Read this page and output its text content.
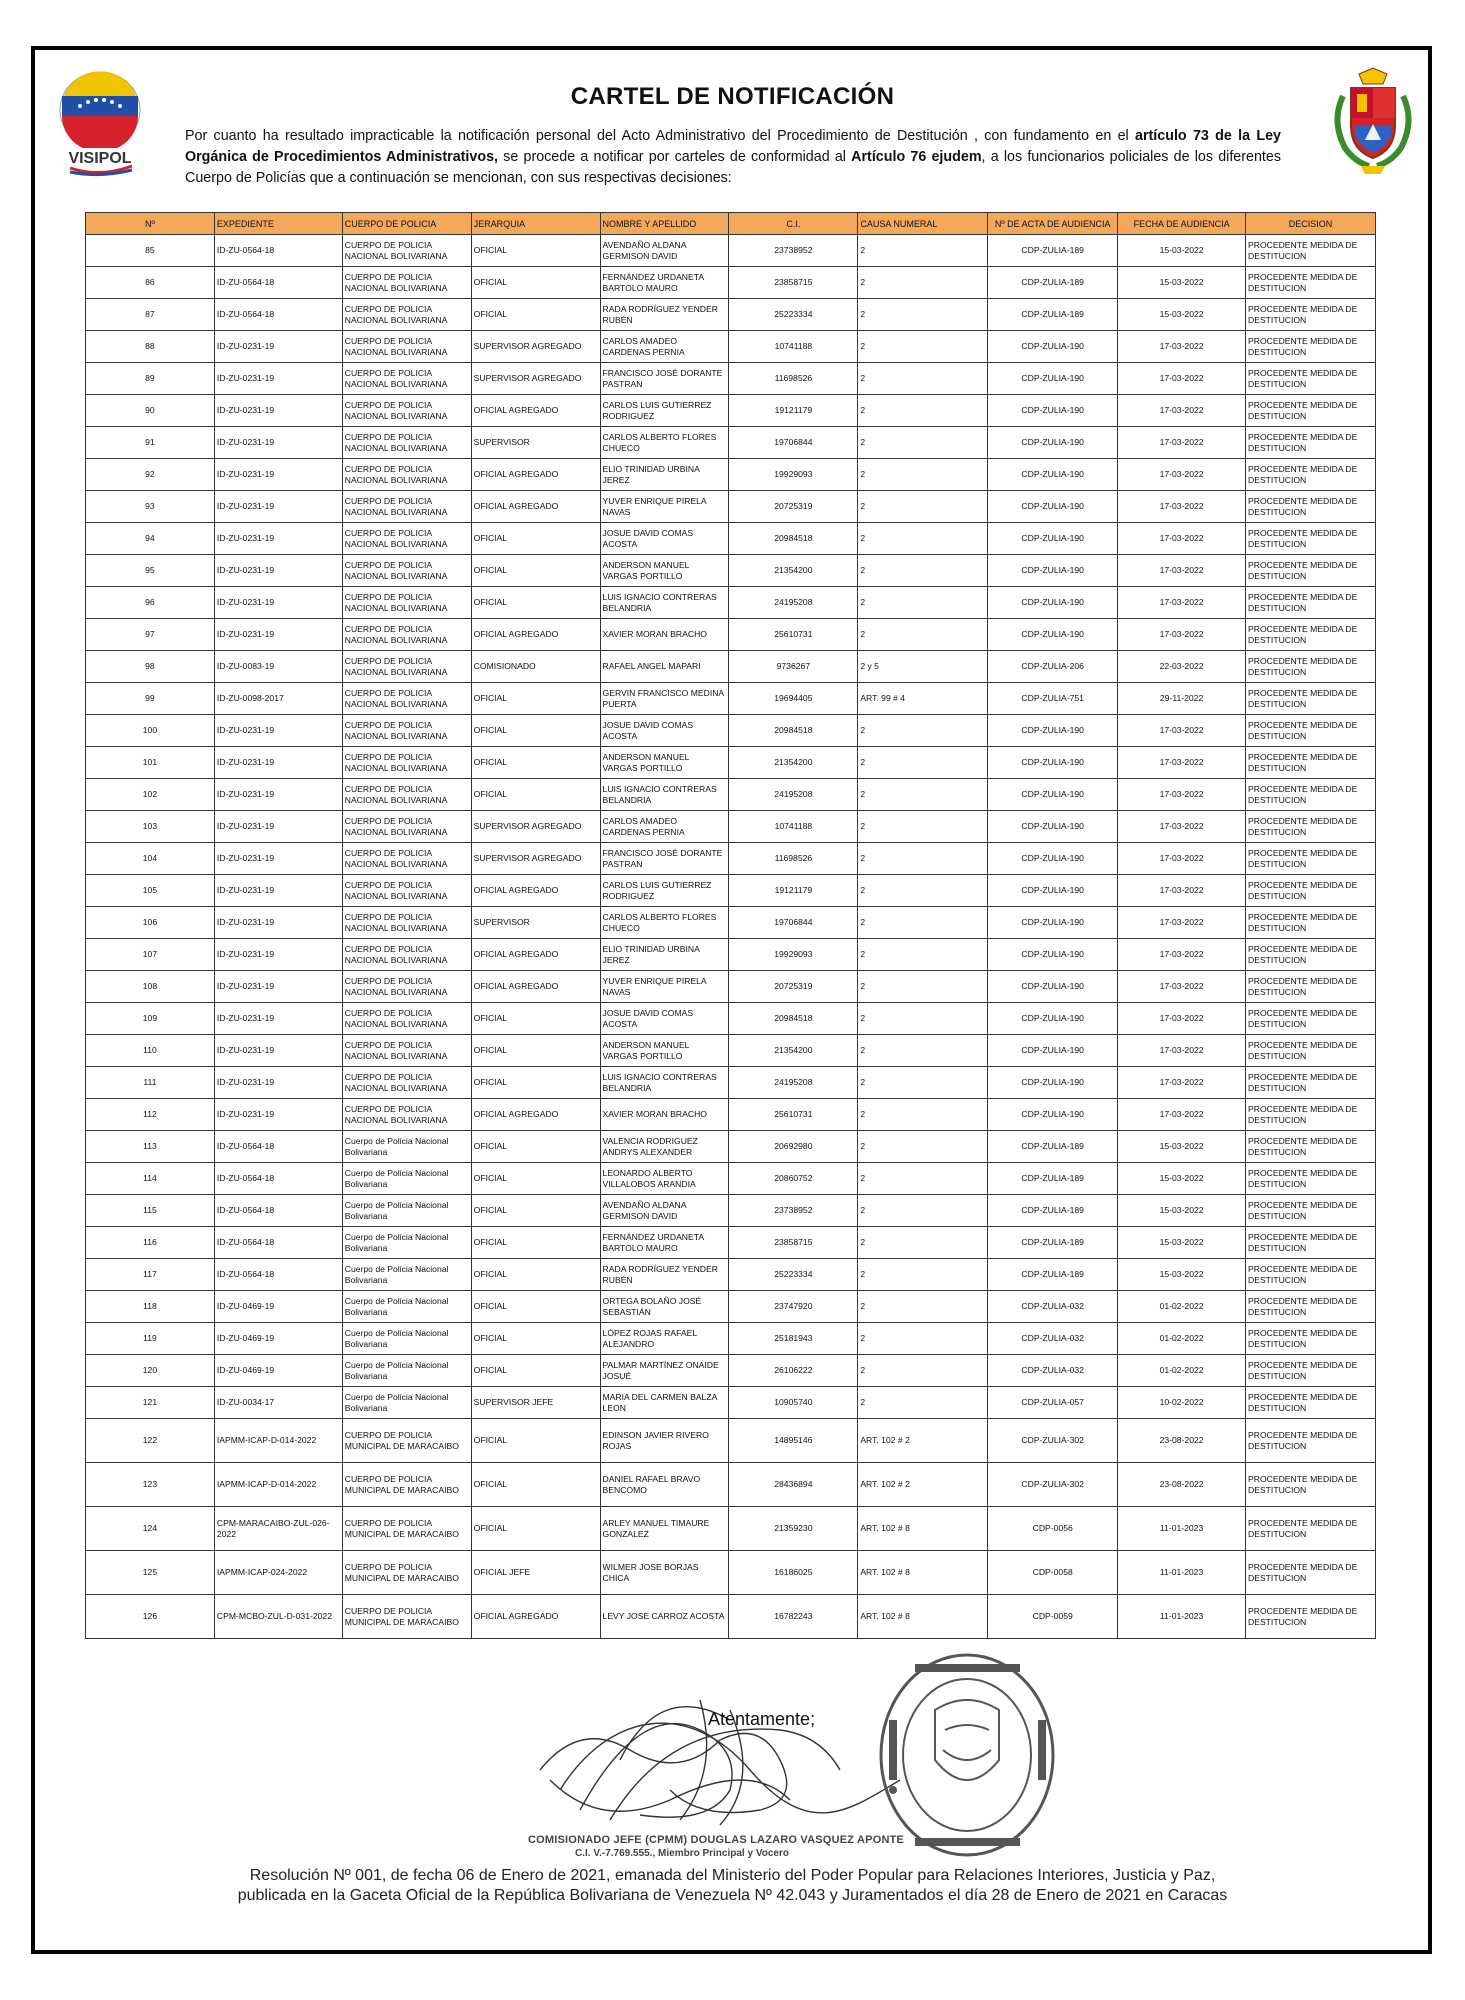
VISIPOL
CARTEL DE NOTIFICACIÓN
Por cuanto ha resultado impracticable la notificación personal del Acto Administrativo del Procedimiento de Destitución , con fundamento en el artículo 73 de la Ley Orgánica de Procedimientos Administrativos, se procede a notificar por carteles de conformidad al Artículo 76 ejudem, a los funcionarios policiales de los diferentes Cuerpo de Policías que a continuación se mencionan, con sus respectivas decisiones:
Nº	EXPEDIENTE	CUERPO DE POLICIA	JERARQUIA	NOMBRE Y APELLIDO	C.I.	CAUSA NUMERAL	Nº DE ACTA DE AUDIENCIA	FECHA DE AUDIENCIA	DECISION
85	ID-ZU-0564-18	CUERPO DE POLICIA NACIONAL BOLIVARIANA	OFICIAL	AVENDAÑO ALDANA GERMISON DAVID	23738952	2	CDP-ZULIA-189	15-03-2022	PROCEDENTE MEDIDA DE DESTITUCION
86	ID-ZU-0564-18	CUERPO DE POLICIA NACIONAL BOLIVARIANA	OFICIAL	FERNÁNDEZ URDANETA BARTOLO MAURO	23858715	2	CDP-ZULIA-189	15-03-2022	PROCEDENTE MEDIDA DE DESTITUCION
87	ID-ZU-0564-18	CUERPO DE POLICIA NACIONAL BOLIVARIANA	OFICIAL	RADA RODRÍGUEZ YENDER RUBÉN	25223334	2	CDP-ZULIA-189	15-03-2022	PROCEDENTE MEDIDA DE DESTITUCION
88	ID-ZU-0231-19	CUERPO DE POLICIA NACIONAL BOLIVARIANA	SUPERVISOR AGREGADO	CARLOS AMADEO CARDENAS PERNIA	10741188	2	CDP-ZULIA-190	17-03-2022	PROCEDENTE MEDIDA DE DESTITUCION
89	ID-ZU-0231-19	CUERPO DE POLICIA NACIONAL BOLIVARIANA	SUPERVISOR AGREGADO	FRANCISCO JOSÉ DORANTE PASTRAN	11698526	2	CDP-ZULIA-190	17-03-2022	PROCEDENTE MEDIDA DE DESTITUCION
90	ID-ZU-0231-19	CUERPO DE POLICIA NACIONAL BOLIVARIANA	OFICIAL AGREGADO	CARLOS LUIS GUTIERREZ RODRIGUEZ	19121179	2	CDP-ZULIA-190	17-03-2022	PROCEDENTE MEDIDA DE DESTITUCION
91	ID-ZU-0231-19	CUERPO DE POLICIA NACIONAL BOLIVARIANA	SUPERVISOR	CARLOS ALBERTO FLORES CHUECO	19706844	2	CDP-ZULIA-190	17-03-2022	PROCEDENTE MEDIDA DE DESTITUCION
92	ID-ZU-0231-19	CUERPO DE POLICIA NACIONAL BOLIVARIANA	OFICIAL AGREGADO	ELIO TRINIDAD URBINA JEREZ	19929093	2	CDP-ZULIA-190	17-03-2022	PROCEDENTE MEDIDA DE DESTITUCION
93	ID-ZU-0231-19	CUERPO DE POLICIA NACIONAL BOLIVARIANA	OFICIAL AGREGADO	YUVER ENRIQUE PIRELA NAVAS	20725319	2	CDP-ZULIA-190	17-03-2022	PROCEDENTE MEDIDA DE DESTITUCION
94	ID-ZU-0231-19	CUERPO DE POLICIA NACIONAL BOLIVARIANA	OFICIAL	JOSUE DAVID COMAS ACOSTA	20984518	2	CDP-ZULIA-190	17-03-2022	PROCEDENTE MEDIDA DE DESTITUCION
95	ID-ZU-0231-19	CUERPO DE POLICIA NACIONAL BOLIVARIANA	OFICIAL	ANDERSON MANUEL VARGAS PORTILLO	21354200	2	CDP-ZULIA-190	17-03-2022	PROCEDENTE MEDIDA DE DESTITUCION
96	ID-ZU-0231-19	CUERPO DE POLICIA NACIONAL BOLIVARIANA	OFICIAL	LUIS IGNACIO CONTRERAS BELANDRIA	24195208	2	CDP-ZULIA-190	17-03-2022	PROCEDENTE MEDIDA DE DESTITUCION
97	ID-ZU-0231-19	CUERPO DE POLICIA NACIONAL BOLIVARIANA	OFICIAL AGREGADO	XAVIER MORAN BRACHO	25610731	2	CDP-ZULIA-190	17-03-2022	PROCEDENTE MEDIDA DE DESTITUCION
98	ID-ZU-0083-19	CUERPO DE POLICIA NACIONAL BOLIVARIANA	COMISIONADO	RAFAEL ANGEL MAPARI	9736267	2 y 5	CDP-ZULIA-206	22-03-2022	PROCEDENTE MEDIDA DE DESTITUCION
99	ID-ZU-0098-2017	CUERPO DE POLICIA NACIONAL BOLIVARIANA	OFICIAL	GERVIN FRANCISCO MEDINA PUERTA	19694405	ART. 99 # 4	CDP-ZULIA-751	29-11-2022	PROCEDENTE MEDIDA DE DESTITUCION
100	ID-ZU-0231-19	CUERPO DE POLICIA NACIONAL BOLIVARIANA	OFICIAL	JOSUE DAVID COMAS ACOSTA	20984518	2	CDP-ZULIA-190	17-03-2022	PROCEDENTE MEDIDA DE DESTITUCION
101	ID-ZU-0231-19	CUERPO DE POLICIA NACIONAL BOLIVARIANA	OFICIAL	ANDERSON MANUEL VARGAS PORTILLO	21354200	2	CDP-ZULIA-190	17-03-2022	PROCEDENTE MEDIDA DE DESTITUCION
102	ID-ZU-0231-19	CUERPO DE POLICIA NACIONAL BOLIVARIANA	OFICIAL	LUIS IGNACIO CONTRERAS BELANDRIA	24195208	2	CDP-ZULIA-190	17-03-2022	PROCEDENTE MEDIDA DE DESTITUCION
103	ID-ZU-0231-19	CUERPO DE POLICIA NACIONAL BOLIVARIANA	SUPERVISOR AGREGADO	CARLOS AMADEO CARDENAS PERNIA	10741188	2	CDP-ZULIA-190	17-03-2022	PROCEDENTE MEDIDA DE DESTITUCION
104	ID-ZU-0231-19	CUERPO DE POLICIA NACIONAL BOLIVARIANA	SUPERVISOR AGREGADO	FRANCISCO JOSÉ DORANTE PASTRAN	11698526	2	CDP-ZULIA-190	17-03-2022	PROCEDENTE MEDIDA DE DESTITUCION
105	ID-ZU-0231-19	CUERPO DE POLICIA NACIONAL BOLIVARIANA	OFICIAL AGREGADO	CARLOS LUIS GUTIERREZ RODRIGUEZ	19121179	2	CDP-ZULIA-190	17-03-2022	PROCEDENTE MEDIDA DE DESTITUCION
106	ID-ZU-0231-19	CUERPO DE POLICIA NACIONAL BOLIVARIANA	SUPERVISOR	CARLOS ALBERTO FLORES CHUECO	19706844	2	CDP-ZULIA-190	17-03-2022	PROCEDENTE MEDIDA DE DESTITUCION
107	ID-ZU-0231-19	CUERPO DE POLICIA NACIONAL BOLIVARIANA	OFICIAL AGREGADO	ELIO TRINIDAD URBINA JEREZ	19929093	2	CDP-ZULIA-190	17-03-2022	PROCEDENTE MEDIDA DE DESTITUCION
108	ID-ZU-0231-19	CUERPO DE POLICIA NACIONAL BOLIVARIANA	OFICIAL AGREGADO	YUVER ENRIQUE PIRELA NAVAS	20725319	2	CDP-ZULIA-190	17-03-2022	PROCEDENTE MEDIDA DE DESTITUCION
109	ID-ZU-0231-19	CUERPO DE POLICIA NACIONAL BOLIVARIANA	OFICIAL	JOSUE DAVID COMAS ACOSTA	20984518	2	CDP-ZULIA-190	17-03-2022	PROCEDENTE MEDIDA DE DESTITUCION
110	ID-ZU-0231-19	CUERPO DE POLICIA NACIONAL BOLIVARIANA	OFICIAL	ANDERSON MANUEL VARGAS PORTILLO	21354200	2	CDP-ZULIA-190	17-03-2022	PROCEDENTE MEDIDA DE DESTITUCION
111	ID-ZU-0231-19	CUERPO DE POLICIA NACIONAL BOLIVARIANA	OFICIAL	LUIS IGNACIO CONTRERAS BELANDRIA	24195208	2	CDP-ZULIA-190	17-03-2022	PROCEDENTE MEDIDA DE DESTITUCION
112	ID-ZU-0231-19	CUERPO DE POLICIA NACIONAL BOLIVARIANA	OFICIAL AGREGADO	XAVIER MORAN BRACHO	25610731	2	CDP-ZULIA-190	17-03-2022	PROCEDENTE MEDIDA DE DESTITUCION
113	ID-ZU-0564-18	Cuerpo de Policia Nacional Bolivariana	OFICIAL	VALENCIA RODRIGUEZ ANDRYS ALEXANDER	20692980	2	CDP-ZULIA-189	15-03-2022	PROCEDENTE MEDIDA DE DESTITUCION
114	ID-ZU-0564-18	Cuerpo de Policia Nacional Bolivariana	OFICIAL	LEONARDO ALBERTO VILLALOBOS ARANDIA	20860752	2	CDP-ZULIA-189	15-03-2022	PROCEDENTE MEDIDA DE DESTITUCION
115	ID-ZU-0564-18	Cuerpo de Policia Nacional Bolivariana	OFICIAL	AVENDAÑO ALDANA GERMISON DAVID	23738952	2	CDP-ZULIA-189	15-03-2022	PROCEDENTE MEDIDA DE DESTITUCION
116	ID-ZU-0564-18	Cuerpo de Policia Nacional Bolivariana	OFICIAL	FERNÁNDEZ URDANETA BARTOLO MAURO	23858715	2	CDP-ZULIA-189	15-03-2022	PROCEDENTE MEDIDA DE DESTITUCION
117	ID-ZU-0564-18	Cuerpo de Policia Nacional Bolivariana	OFICIAL	RADA RODRÍGUEZ YENDER RUBÉN	25223334	2	CDP-ZULIA-189	15-03-2022	PROCEDENTE MEDIDA DE DESTITUCION
118	ID-ZU-0469-19	Cuerpo de Policia Nacional Bolivariana	OFICIAL	ORTEGA BOLAÑO JOSÉ SEBASTIÁN	23747920	2	CDP-ZULIA-032	01-02-2022	PROCEDENTE MEDIDA DE DESTITUCION
119	ID-ZU-0469-19	Cuerpo de Policia Nacional Bolivariana	OFICIAL	LÓPEZ ROJAS RAFAEL ALEJANDRO	25181943	2	CDP-ZULIA-032	01-02-2022	PROCEDENTE MEDIDA DE DESTITUCION
120	ID-ZU-0469-19	Cuerpo de Policia Nacional Bolivariana	OFICIAL	PALMAR MARTÍNEZ ONAIDE JOSUÉ	26106222	2	CDP-ZULIA-032	01-02-2022	PROCEDENTE MEDIDA DE DESTITUCION
121	ID-ZU-0034-17	Cuerpo de Policia Nacional Bolivariana	SUPERVISOR JEFE	MARIA DEL CARMEN BALZA LEON	10905740	2	CDP-ZULIA-057	10-02-2022	PROCEDENTE MEDIDA DE DESTITUCION
122	IAPMM-ICAP-D-014-2022	CUERPO DE POLICIA MUNICIPAL DE MARACAIBO	OFICIAL	EDINSON JAVIER RIVERO ROJAS	14895146	ART. 102 # 2	CDP-ZULIA-302	23-08-2022	PROCEDENTE MEDIDA DE DESTITUCION
123	IAPMM-ICAP-D-014-2022	CUERPO DE POLICIA MUNICIPAL DE MARACAIBO	OFICIAL	DANIEL RAFAEL BRAVO BENCOMO	28436894	ART. 102 # 2	CDP-ZULIA-302	23-08-2022	PROCEDENTE MEDIDA DE DESTITUCION
124	CPM-MARACAIBO-ZUL-026-2022	CUERPO DE POLICIA MUNICIPAL DE MARACAIBO	OFICIAL	ARLEY MANUEL TIMAURE GONZALEZ	21359230	ART. 102 # 8	CDP-0056	11-01-2023	PROCEDENTE MEDIDA DE DESTITUCION
125	IAPMM-ICAP-024-2022	CUERPO DE POLICIA MUNICIPAL DE MARACAIBO	OFICIAL JEFE	WILMER JOSE BORJAS CHICA	16186025	ART. 102 # 8	CDP-0058	11-01-2023	PROCEDENTE MEDIDA DE DESTITUCION
126	CPM-MCBO-ZUL-D-031-2022	CUERPO DE POLICIA MUNICIPAL DE MARACAIBO	OFICIAL AGREGADO	LEVY JOSE CARROZ ACOSTA	16782243	ART. 102 # 8	CDP-0059	11-01-2023	PROCEDENTE MEDIDA DE DESTITUCION
Atentamente;
COMISIONADO JEFE (CPMM) DOUGLAS LAZARO VASQUEZ APONTE
C.I. V.-7.769.555., Miembro Principal y Vocero
Resolución Nº 001, de fecha 06 de Enero de 2021, emanada del Ministerio del Poder Popular para Relaciones Interiores, Justicia y Paz,
publicada en la Gaceta Oficial de la República Bolivariana de Venezuela Nº 42.043 y Juramentados el día 28 de Enero de 2021 en Caracas
